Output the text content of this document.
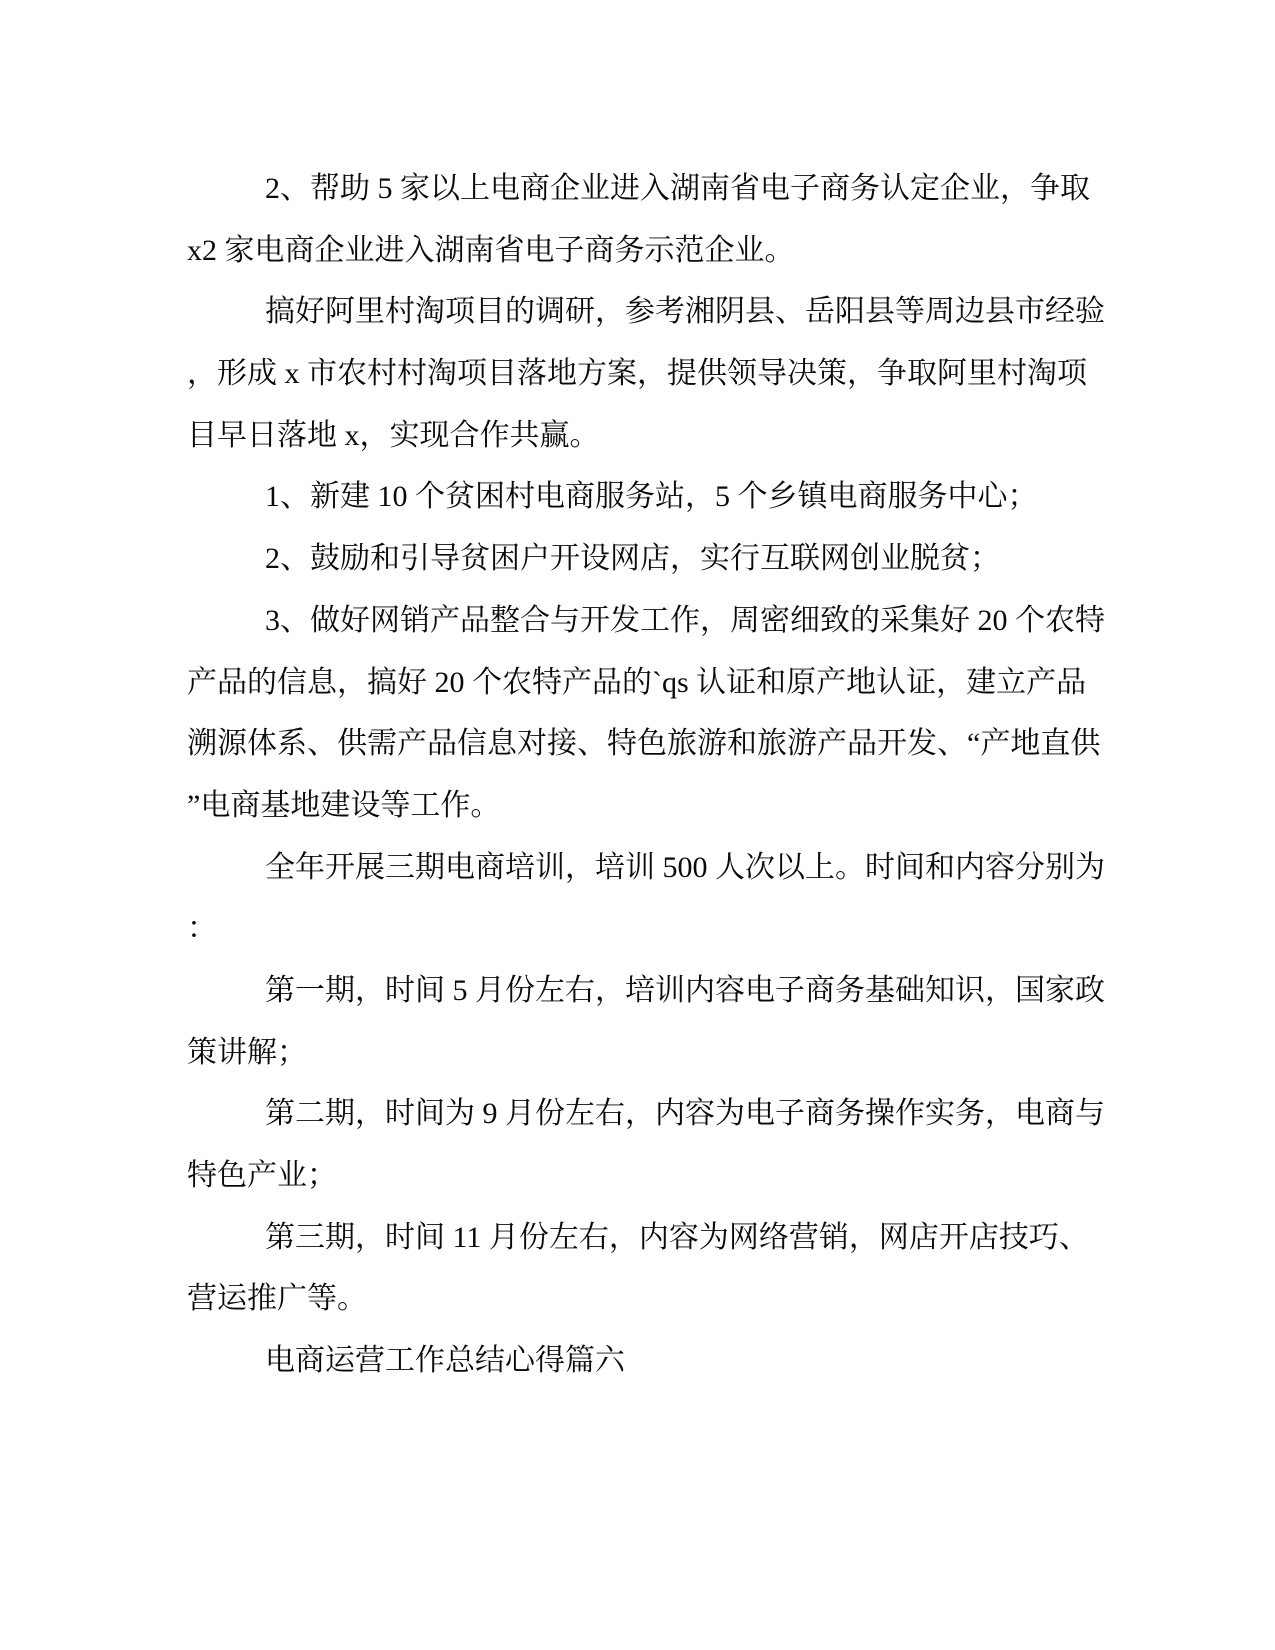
2、帮助 5 家以上电商企业进入湖南省电子商务认定企业，争取
x2 家电商企业进入湖南省电子商务示范企业。
搞好阿里村淘项目的调研，参考湘阴县、岳阳县等周边县市经验
，形成 x 市农村村淘项目落地方案，提供领导决策，争取阿里村淘项
目早日落地 x，实现合作共赢。
1、新建 10 个贫困村电商服务站，5 个乡镇电商服务中心；
2、鼓励和引导贫困户开设网店，实行互联网创业脱贫；
3、做好网销产品整合与开发工作，周密细致的采集好 20 个农特
产品的信息，搞好 20 个农特产品的`qs 认证和原产地认证，建立产品
溯源体系、供需产品信息对接、特色旅游和旅游产品开发、“产地直供
”电商基地建设等工作。
全年开展三期电商培训，培训 500 人次以上。时间和内容分别为
：
第一期，时间 5 月份左右，培训内容电子商务基础知识，国家政
策讲解；
第二期，时间为 9 月份左右，内容为电子商务操作实务，电商与
特色产业；
第三期，时间 11 月份左右，内容为网络营销，网店开店技巧、
营运推广等。
电商运营工作总结心得篇六
